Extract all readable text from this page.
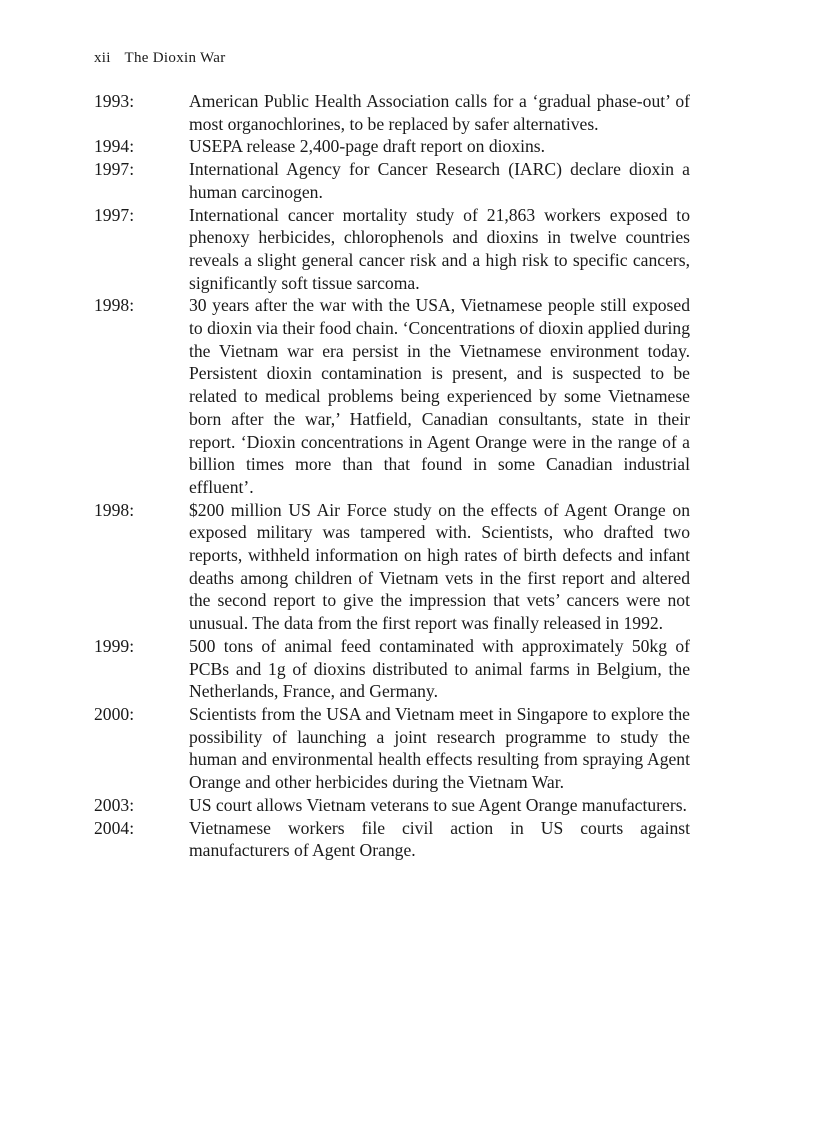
xii The Dioxin War
1993:	American Public Health Association calls for a ‘gradual phase-out’ of most organochlorines, to be replaced by safer alternatives.
1994:	USEPA release 2,400-page draft report on dioxins.
1997:	International Agency for Cancer Research (IARC) declare dioxin a human carcinogen.
1997:	International cancer mortality study of 21,863 workers exposed to phenoxy herbicides, chlorophenols and dioxins in twelve countries reveals a slight general cancer risk and a high risk to specific cancers, significantly soft tissue sarcoma.
1998:	30 years after the war with the USA, Vietnamese people still exposed to dioxin via their food chain. ‘Concentrations of dioxin applied during the Vietnam war era persist in the Vietnamese environment today. Persistent dioxin contamination is present, and is suspected to be related to medical problems being experienced by some Vietnamese born after the war,’ Hatfield, Canadian consultants, state in their report. ‘Dioxin concentrations in Agent Orange were in the range of a billion times more than that found in some Canadian industrial effluent’.
1998:	$200 million US Air Force study on the effects of Agent Orange on exposed military was tampered with. Scientists, who drafted two reports, withheld information on high rates of birth defects and infant deaths among children of Vietnam vets in the first report and altered the second report to give the impression that vets’ cancers were not unusual. The data from the first report was finally released in 1992.
1999:	500 tons of animal feed contaminated with approximately 50kg of PCBs and 1g of dioxins distributed to animal farms in Belgium, the Netherlands, France, and Germany.
2000:	Scientists from the USA and Vietnam meet in Singapore to explore the possibility of launching a joint research programme to study the human and environmental health effects resulting from spraying Agent Orange and other herbicides during the Vietnam War.
2003:	US court allows Vietnam veterans to sue Agent Orange manufacturers.
2004:	Vietnamese workers file civil action in US courts against manufacturers of Agent Orange.
